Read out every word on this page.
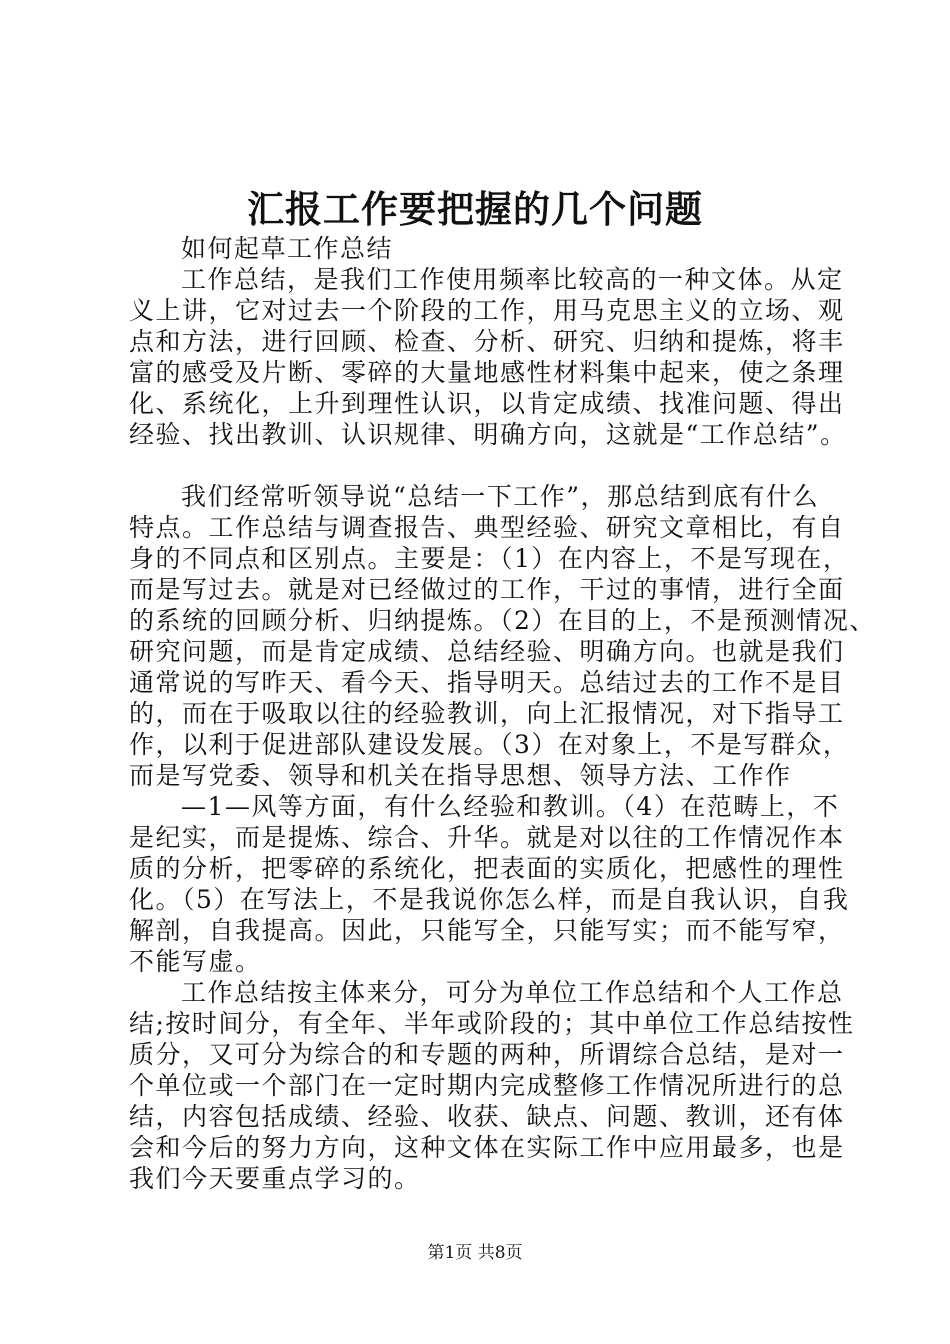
汇报工作要把握的几个问题
如何起草工作总结
工作总结，是我们工作使用频率比较高的一种文体。从定
义上讲，它对过去一个阶段的工作，用马克思主义的立场、观
点和方法，进行回顾、检查、分析、研究、归纳和提炼，将丰
富的感受及片断、零碎的大量地感性材料集中起来，使之条理
化、系统化，上升到理性认识，以肯定成绩、找准问题、得出
经验、找出教训、认识规律、明确方向，这就是“工作总结”。
我们经常听领导说“总结一下工作”，那总结到底有什么
特点。工作总结与调查报告、典型经验、研究文章相比，有自
身的不同点和区别点。主要是：（1）在内容上，不是写现在，
而是写过去。就是对已经做过的工作，干过的事情，进行全面
的系统的回顾分析、归纳提炼。（2）在目的上，不是预测情况、
研究问题，而是肯定成绩、总结经验、明确方向。也就是我们
通常说的写昨天、看今天、指导明天。总结过去的工作不是目
的，而在于吸取以往的经验教训，向上汇报情况，对下指导工
作，以利于促进部队建设发展。（3）在对象上，不是写群众，
而是写党委、领导和机关在指导思想、领导方法、工作作
—1—风等方面，有什么经验和教训。（4）在范畴上，不
是纪实，而是提炼、综合、升华。就是对以往的工作情况作本
质的分析，把零碎的系统化，把表面的实质化，把感性的理性
化。（5）在写法上，不是我说你怎么样，而是自我认识，自我
解剖，自我提高。因此，只能写全，只能写实；而不能写窄，
不能写虚。
工作总结按主体来分，可分为单位工作总结和个人工作总
结;按时间分，有全年、半年或阶段的；其中单位工作总结按性
质分，又可分为综合的和专题的两种，所谓综合总结，是对一
个单位或一个部门在一定时期内完成整修工作情况所进行的总
结，内容包括成绩、经验、收获、缺点、问题、教训，还有体
会和今后的努力方向，这种文体在实际工作中应用最多，也是
我们今天要重点学习的。
第1页 共8页
